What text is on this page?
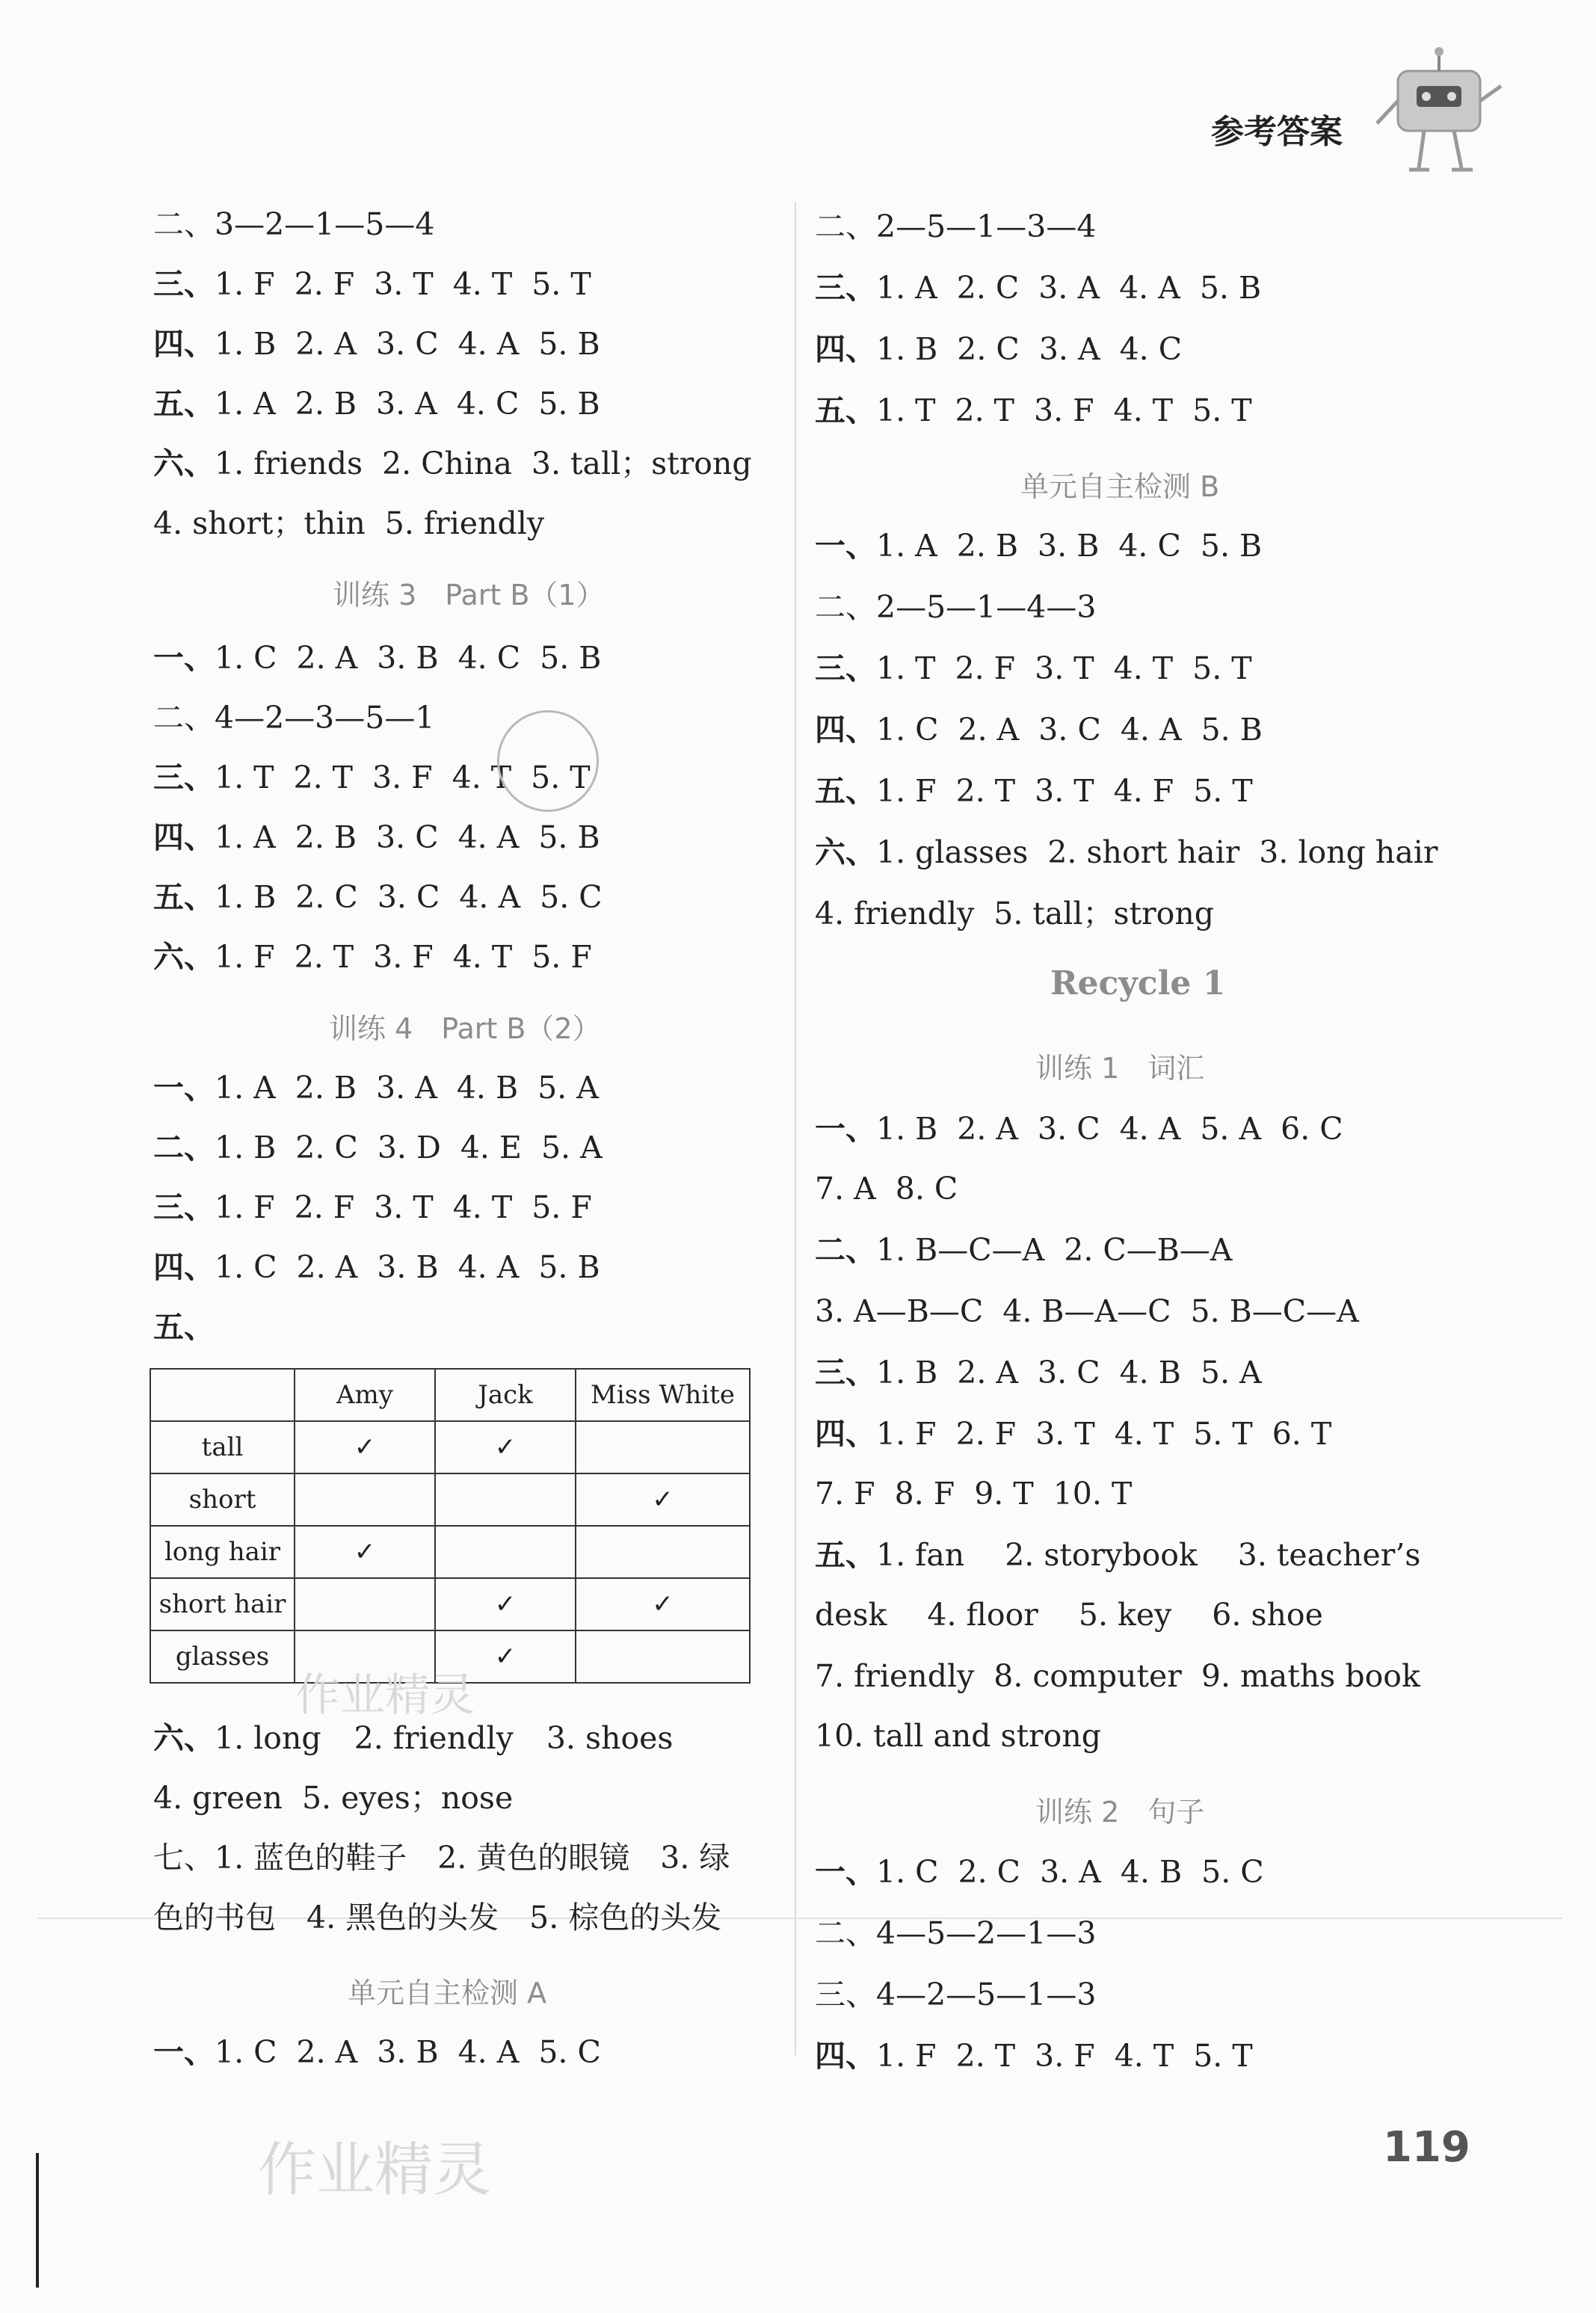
参考答案
二、3—2—1—5—4
三、1. F 2. F 3. T 4. T 5. T
四、1. B 2. A 3. C 4. A 5. B
五、1. A 2. B 3. A 4. C 5. B
六、1. friends 2. China 3. tall；strong
4. short；thin 5. friendly
训练 3　Part B（1）
一、1. C 2. A 3. B 4. C 5. B
二、4—2—3—5—1
三、1. T 2. T 3. F 4. T 5. T
四、1. A 2. B 3. C 4. A 5. B
五、1. B 2. C 3. C 4. A 5. C
六、1. F 2. T 3. F 4. T 5. F
训练 4　Part B（2）
一、1. A 2. B 3. A 4. B 5. A
二、1. B 2. C 3. D 4. E 5. A
三、1. F 2. F 3. T 4. T 5. F
四、1. C 2. A 3. B 4. A 5. B
五、
六、1. long 2. friendly 3. shoes
4. green 5. eyes；nose
七、1. 蓝色的鞋子　2. 黄色的眼镜　3. 绿
色的书包　4. 黑色的头发　5. 棕色的头发
单元自主检测 A
一、1. C 2. A 3. B 4. A 5. C
	Amy	Jack	Miss White
tall	✓	✓	
short			✓
long hair	✓		
short hair		✓	✓
glasses		✓	
二、2—5—1—3—4
三、1. A 2. C 3. A 4. A 5. B
四、1. B 2. C 3. A 4. C
五、1. T 2. T 3. F 4. T 5. T
单元自主检测 B
一、1. A 2. B 3. B 4. C 5. B
二、2—5—1—4—3
三、1. T 2. F 3. T 4. T 5. T
四、1. C 2. A 3. C 4. A 5. B
五、1. F 2. T 3. T 4. F 5. T
六、1. glasses 2. short hair 3. long hair
4. friendly 5. tall；strong
Recycle 1
训练 1　词汇
一、1. B 2. A 3. C 4. A 5. A 6. C
7. A 8. C
二、1. B—C—A 2. C—B—A
3. A—B—C 4. B—A—C 5. B—C—A
三、1. B 2. A 3. C 4. B 5. A
四、1. F 2. F 3. T 4. T 5. T 6. T
7. F 8. F 9. T 10. T
五、1. fan 2. storybook 3. teacher’s
desk 4. floor 5. key 6. shoe
7. friendly 8. computer 9. maths book
10. tall and strong
训练 2　句子
一、1. C 2. C 3. A 4. B 5. C
二、4—5—2—1—3
三、4—2—5—1—3
四、1. F 2. T 3. F 4. T 5. T
作业精灵
作业精灵	119
